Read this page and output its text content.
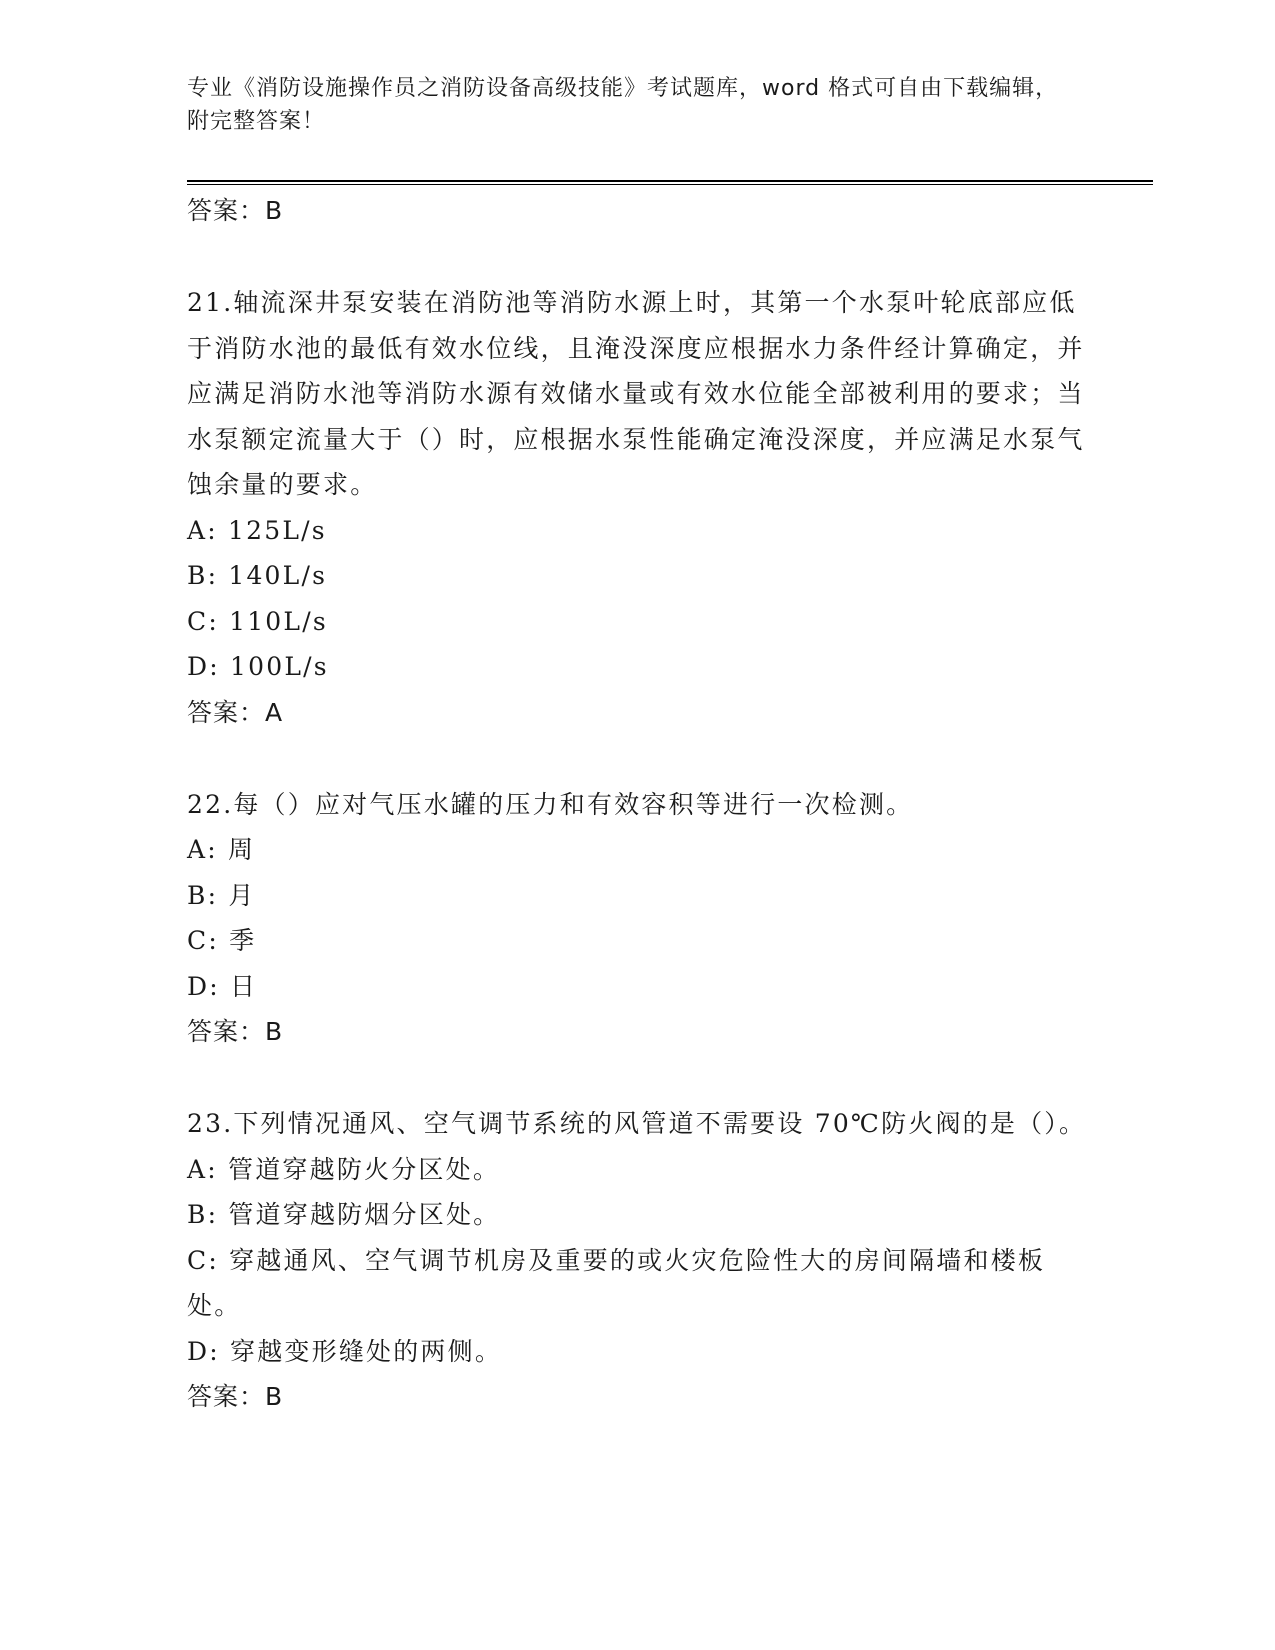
专业《消防设施操作员之消防设备高级技能》考试题库，word 格式可自由下载编辑，附完整答案！
答案：B
21.轴流深井泵安装在消防池等消防水源上时，其第一个水泵叶轮底部应低于消防水池的最低有效水位线，且淹没深度应根据水力条件经计算确定，并应满足消防水池等消防水源有效储水量或有效水位能全部被利用的要求；当水泵额定流量大于（）时，应根据水泵性能确定淹没深度，并应满足水泵气蚀余量的要求。
A: 125L/s
B: 140L/s
C: 110L/s
D: 100L/s
答案：A
22.每（）应对气压水罐的压力和有效容积等进行一次检测。
A: 周
B: 月
C: 季
D: 日
答案：B
23.下列情况通风、空气调节系统的风管道不需要设 70℃防火阀的是（）。
A: 管道穿越防火分区处。
B: 管道穿越防烟分区处。
C: 穿越通风、空气调节机房及重要的或火灾危险性大的房间隔墙和楼板处。
D: 穿越变形缝处的两侧。
答案：B
